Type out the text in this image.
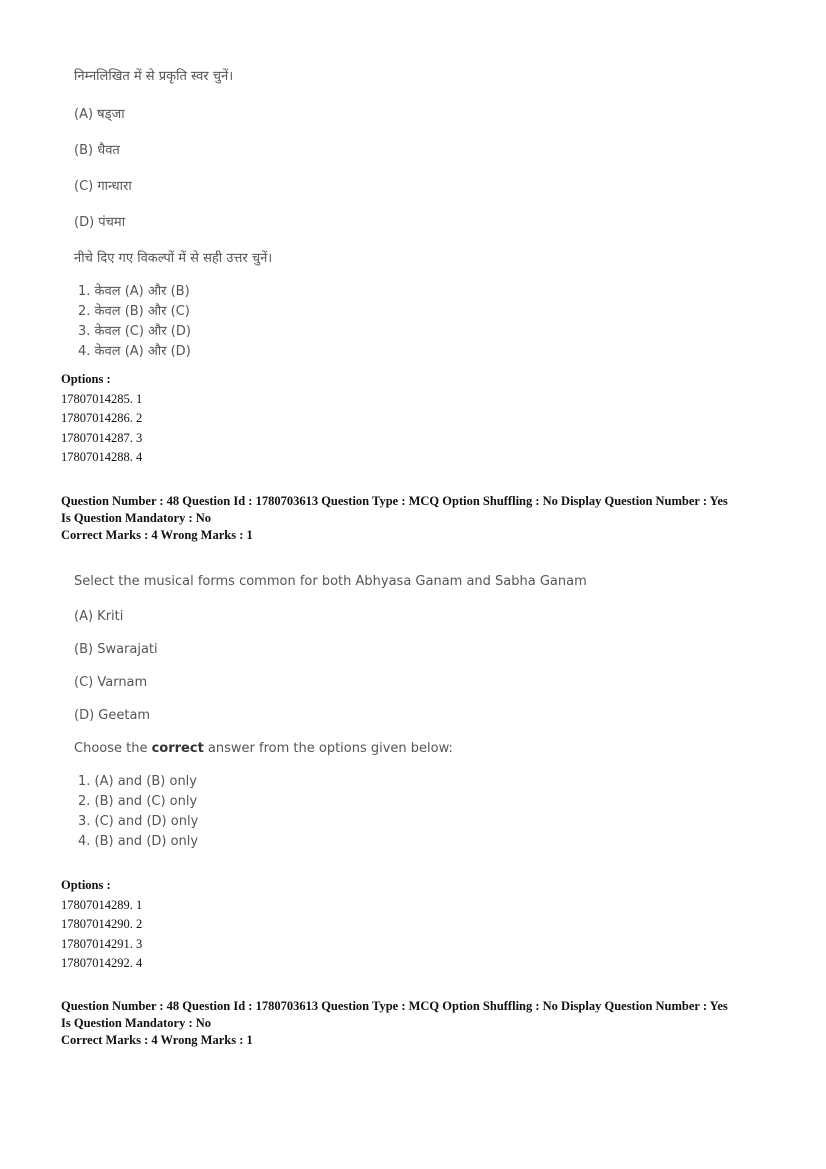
निम्नलिखित में से प्रकृति स्वर चुनें।
(A) षड्जा
(B) धैवत
(C) गान्धारा
(D) पंचमा
नीचे दिए गए विकल्पों में से सही उत्तर चुनें।
1. केवल (A) और (B)
2. केवल (B) और (C)
3. केवल (C) और (D)
4. केवल (A) और (D)
Options :
17807014285. 1
17807014286. 2
17807014287. 3
17807014288. 4
Question Number : 48 Question Id : 1780703613 Question Type : MCQ Option Shuffling : No Display Question Number : Yes
Is Question Mandatory : No
Correct Marks : 4 Wrong Marks : 1
Select the musical forms common for both Abhyasa Ganam and Sabha Ganam
(A) Kriti
(B) Swarajati
(C) Varnam
(D) Geetam
Choose the correct answer from the options given below:
1. (A) and (B) only
2. (B) and (C) only
3. (C) and (D) only
4. (B) and (D) only
Options :
17807014289. 1
17807014290. 2
17807014291. 3
17807014292. 4
Question Number : 48 Question Id : 1780703613 Question Type : MCQ Option Shuffling : No Display Question Number : Yes
Is Question Mandatory : No
Correct Marks : 4 Wrong Marks : 1
